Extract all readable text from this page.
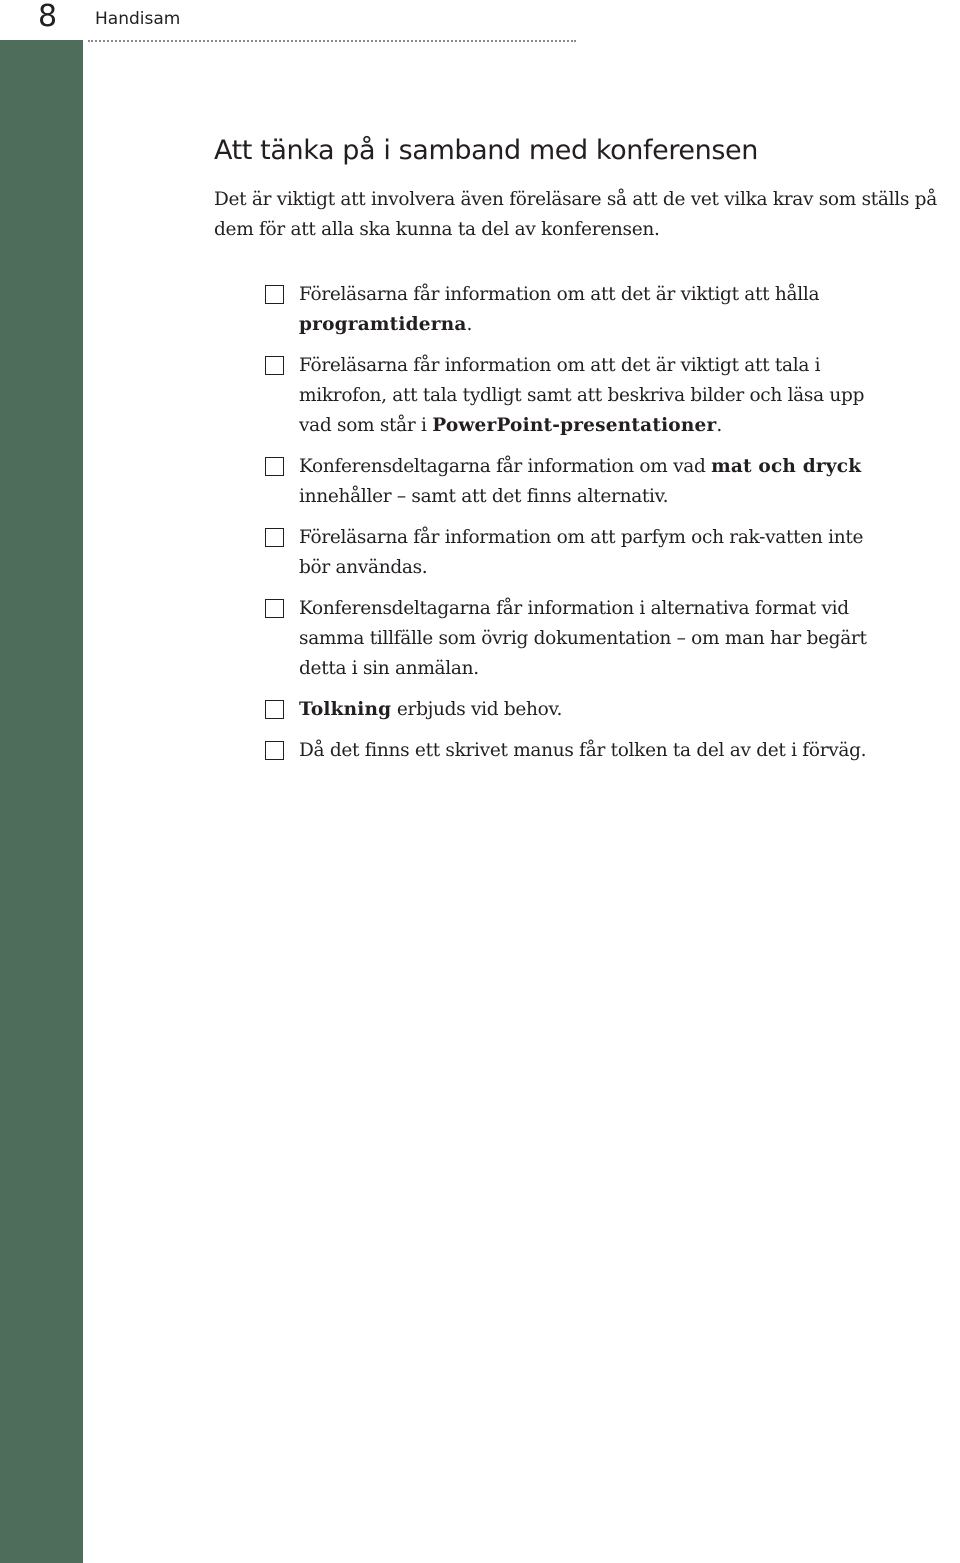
8 Handisam
Att tänka på i samband med konferensen

Det är viktigt att involvera även föreläsare så att de vet vilka krav som ställs på dem för att alla ska kunna ta del av konferensen.

Föreläsarna får information om att det är viktigt att hålla programtiderna.
Föreläsarna får information om att det är viktigt att tala i mikrofon, att tala tydligt samt att beskriva bilder och läsa upp vad som står i PowerPoint-presentationer.
Konferensdeltagarna får information om vad mat och dryck innehåller – samt att det finns alternativ.
Föreläsarna får information om att parfym och rak-vatten inte bör användas.
Konferensdeltagarna får information i alternativa format vid samma tillfälle som övrig dokumentation – om man har begärt detta i sin anmälan.
Tolkning erbjuds vid behov.
Då det finns ett skrivet manus får tolken ta del av det i förväg.
